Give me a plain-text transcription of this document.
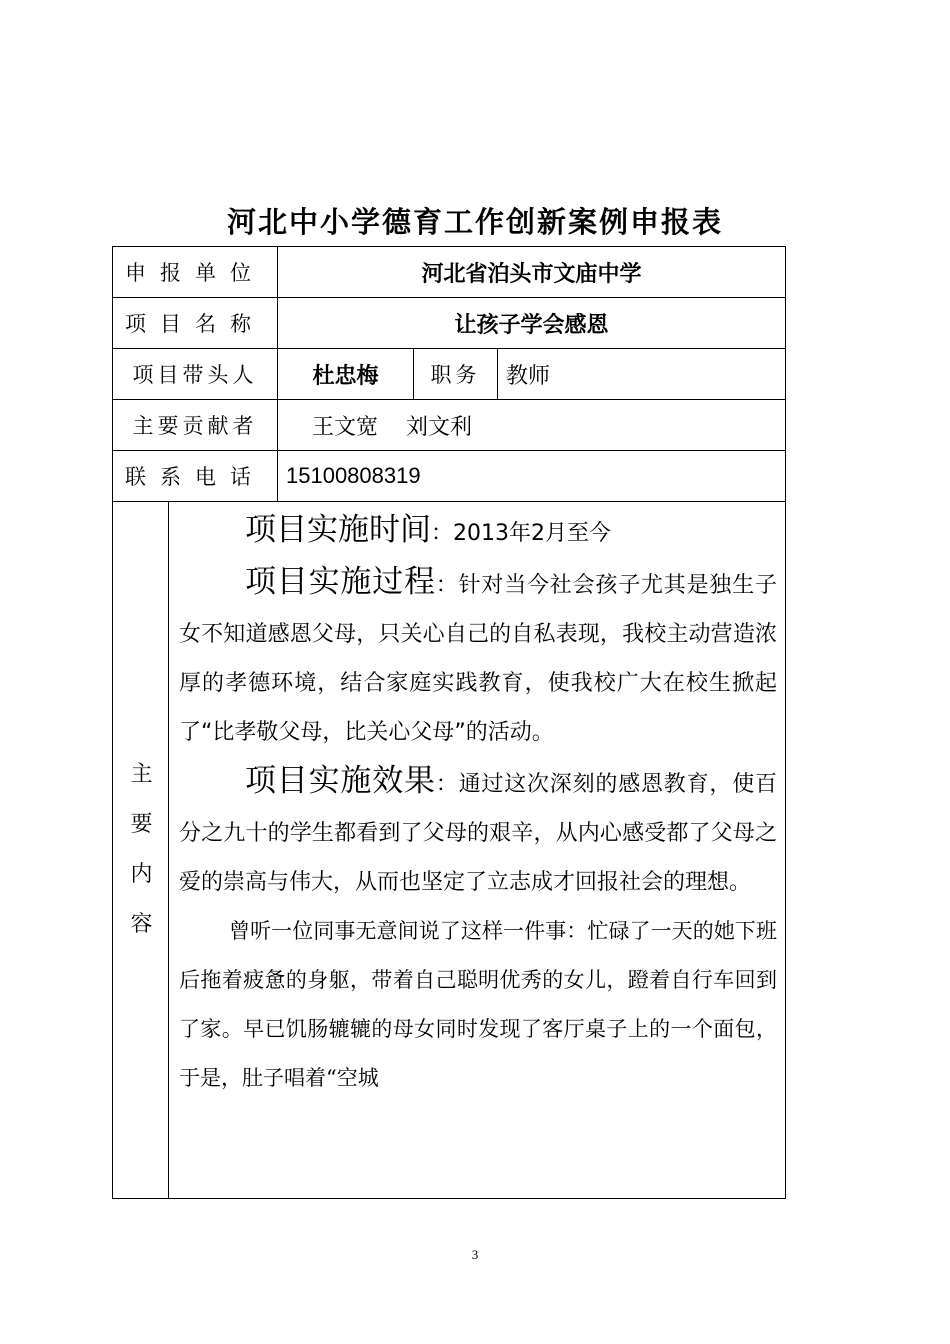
河北中小学德育工作创新案例申报表
申报单位		河北省泊头市文庙中学		
项目名称		让孩子学会感恩		
项目带头人		杜忠梅	职务	教师
主要贡献者		王文宽    刘文利		
联系电话		15100808319		

主要内容	项目实施时间：2013年2月至今

项目实施过程：针对当今社会孩子尤其是独生子女不知道感恩父母，只关心自己的自私表现，我校主动营造浓厚的孝德环境，结合家庭实践教育，使我校广大在校生掀起了“比孝敬父母，比关心父母”的活动。

项目实施效果：通过这次深刻的感恩教育，使百分之九十的学生都看到了父母的艰辛，从内心感受都了父母之爱的崇高与伟大，从而也坚定了立志成才回报社会的理想。

曾听一位同事无意间说了这样一件事：忙碌了一天的她下班后拖着疲惫的身躯，带着自己聪明优秀的女儿，蹬着自行车回到了家。早已饥肠辘辘的母女同时发现了客厅桌子上的一个面包，于是，肚子唱着“空城			

3
